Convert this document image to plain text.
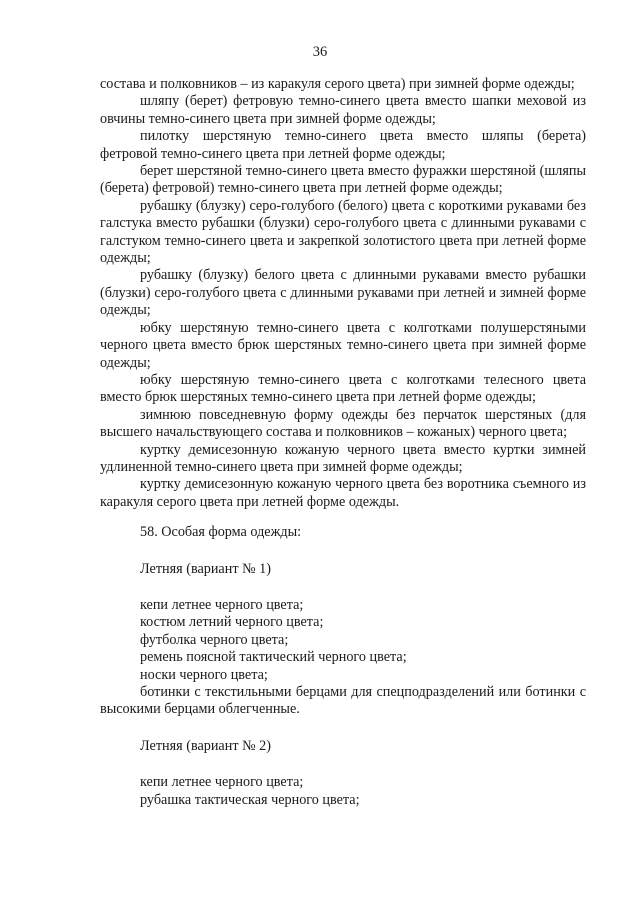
36

состава и полковников – из каракуля серого цвета) при зимней форме одежды;

шляпу (берет) фетровую темно-синего цвета вместо шапки меховой из овчины темно-синего цвета при зимней форме одежды;

пилотку шерстяную темно-синего цвета вместо шляпы (берета) фетровой темно-синего цвета при летней форме одежды;

берет шерстяной темно-синего цвета вместо фуражки шерстяной (шляпы (берета) фетровой) темно-синего цвета при летней форме одежды;

рубашку (блузку) серо-голубого (белого) цвета с короткими рукавами без галстука вместо рубашки (блузки) серо-голубого цвета с длинными рукавами с галстуком темно-синего цвета и закрепкой золотистого цвета при летней форме одежды;

рубашку (блузку) белого цвета с длинными рукавами вместо рубашки (блузки) серо-голубого цвета с длинными рукавами при летней и зимней форме одежды;

юбку шерстяную темно-синего цвета с колготками полушерстяными черного цвета вместо брюк шерстяных темно-синего цвета при зимней форме одежды;

юбку шерстяную темно-синего цвета с колготками телесного цвета вместо брюк шерстяных темно-синего цвета при летней форме одежды;

зимнюю повседневную форму одежды без перчаток шерстяных (для высшего начальствующего состава и полковников – кожаных) черного цвета;

куртку демисезонную кожаную черного цвета вместо куртки зимней удлиненной темно-синего цвета при зимней форме одежды;

куртку демисезонную кожаную черного цвета без воротника съемного из каракуля серого цвета при летней форме одежды.

58. Особая форма одежды:

Летняя (вариант № 1)

кепи летнее черного цвета;

костюм летний черного цвета;

футболка черного цвета;

ремень поясной тактический черного цвета;

носки черного цвета;

ботинки с текстильными берцами для спецподразделений или ботинки с высокими берцами облегченные.

Летняя (вариант № 2)

кепи летнее черного цвета;

рубашка тактическая черного цвета;
